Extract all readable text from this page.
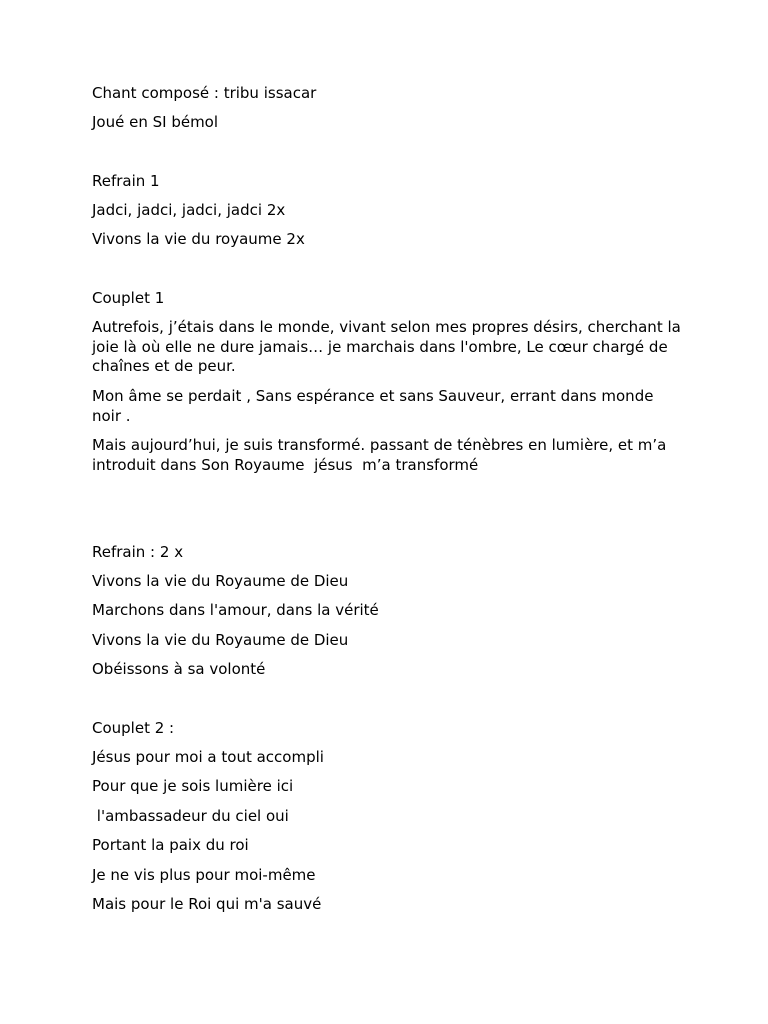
Chant composé : tribu issacar
Joué en SI bémol
Refrain 1
Jadci, jadci, jadci, jadci 2x
Vivons la vie du royaume 2x
Couplet 1
Autrefois, j’étais dans le monde, vivant selon mes propres désirs, cherchant la joie là où elle ne dure jamais… je marchais dans l'ombre, Le cœur chargé de chaînes et de peur.
Mon âme se perdait , Sans espérance et sans Sauveur, errant dans monde noir .
Mais aujourd’hui, je suis transformé. passant de ténèbres en lumière, et m’a introduit dans Son Royaume  jésus  m’a transformé
Refrain : 2 x
Vivons la vie du Royaume de Dieu
Marchons dans l'amour, dans la vérité
Vivons la vie du Royaume de Dieu
Obéissons à sa volonté
Couplet 2 :
Jésus pour moi a tout accompli
Pour que je sois lumière ici
l'ambassadeur du ciel oui
Portant la paix du roi
Je ne vis plus pour moi-même
Mais pour le Roi qui m'a sauvé
